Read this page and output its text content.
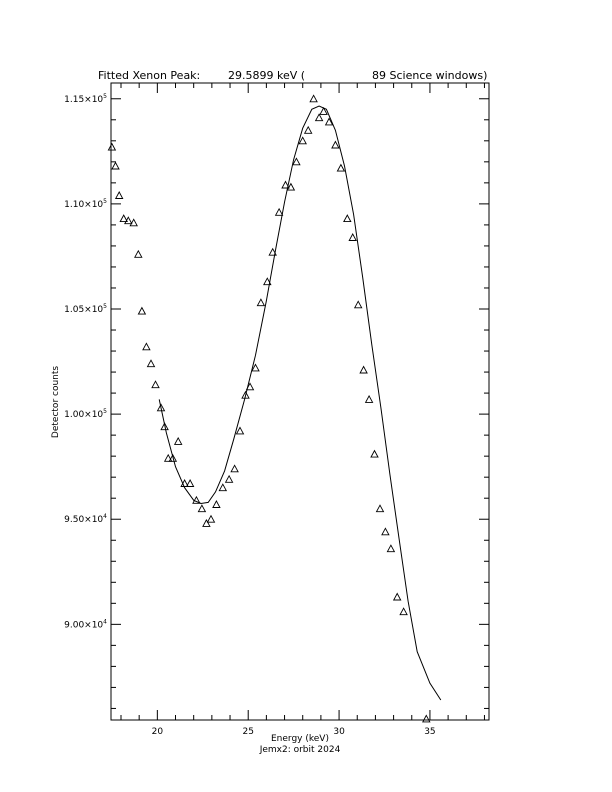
Fitted Xenon Peak:	29.5899 keV (	89 Science windows)
20	25	30	35
$9.00\times 10^4$
$9.50\times 10^4$
$1.00\times 10^5$
$1.05\times 10^5$
$1.10\times 10^5$
$1.15\times 10^5$
Energy (keV)
Jemx2: orbit 2024
Detector counts
